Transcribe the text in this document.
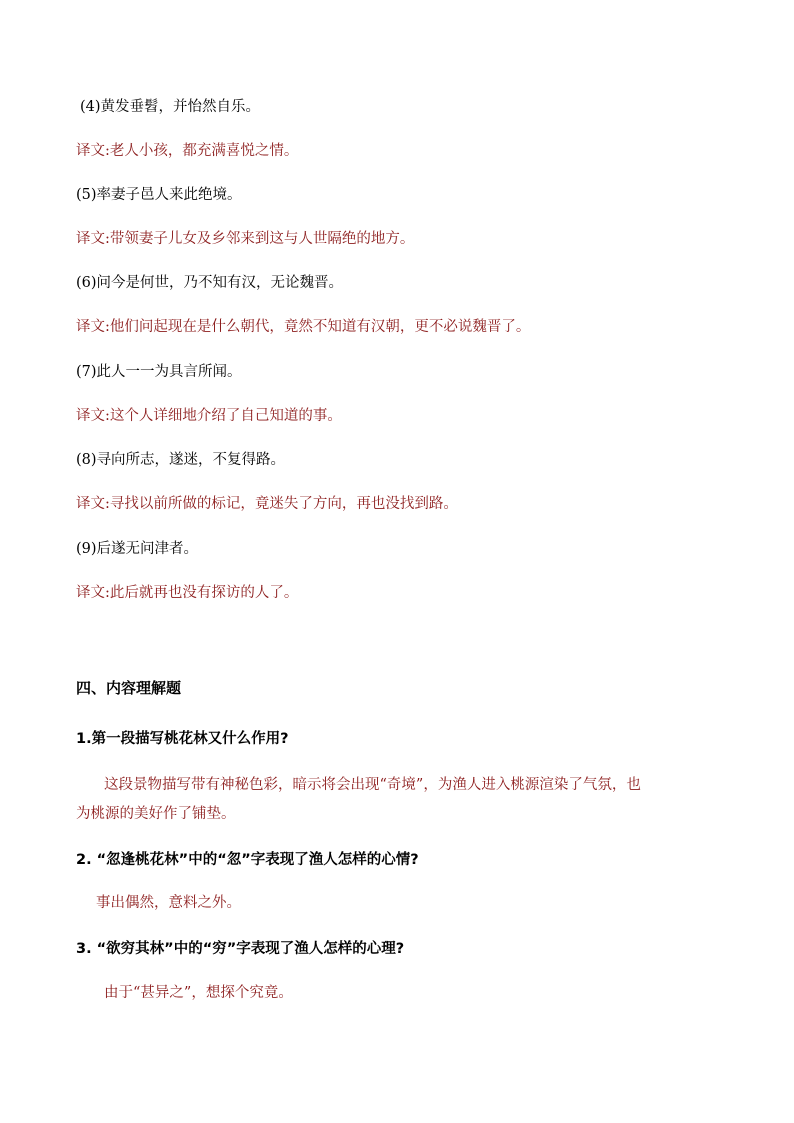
(4)黄发垂髫，并怡然自乐。
译文:老人小孩，都充满喜悦之情。
(5)率妻子邑人来此绝境。
译文:带领妻子儿女及乡邻来到这与人世隔绝的地方。
(6)问今是何世，乃不知有汉，无论魏晋。
译文:他们问起现在是什么朝代，竟然不知道有汉朝，更不必说魏晋了。
(7)此人一一为具言所闻。
译文:这个人详细地介绍了自己知道的事。
(8)寻向所志，遂迷，不复得路。
译文:寻找以前所做的标记，竟迷失了方向，再也没找到路。
(9)后遂无问津者。
译文:此后就再也没有探访的人了。
四、内容理解题
1.第一段描写桃花林又什么作用?
这段景物描写带有神秘色彩，暗示将会出现“奇境”，为渔人进入桃源渲染了气氛，也
为桃源的美好作了铺垫。
2. “忽逢桃花林”中的“忽”字表现了渔人怎样的心情?
事出偶然，意料之外。
3. “欲穷其林”中的“穷”字表现了渔人怎样的心理?
由于“甚异之”，想探个究竟。
